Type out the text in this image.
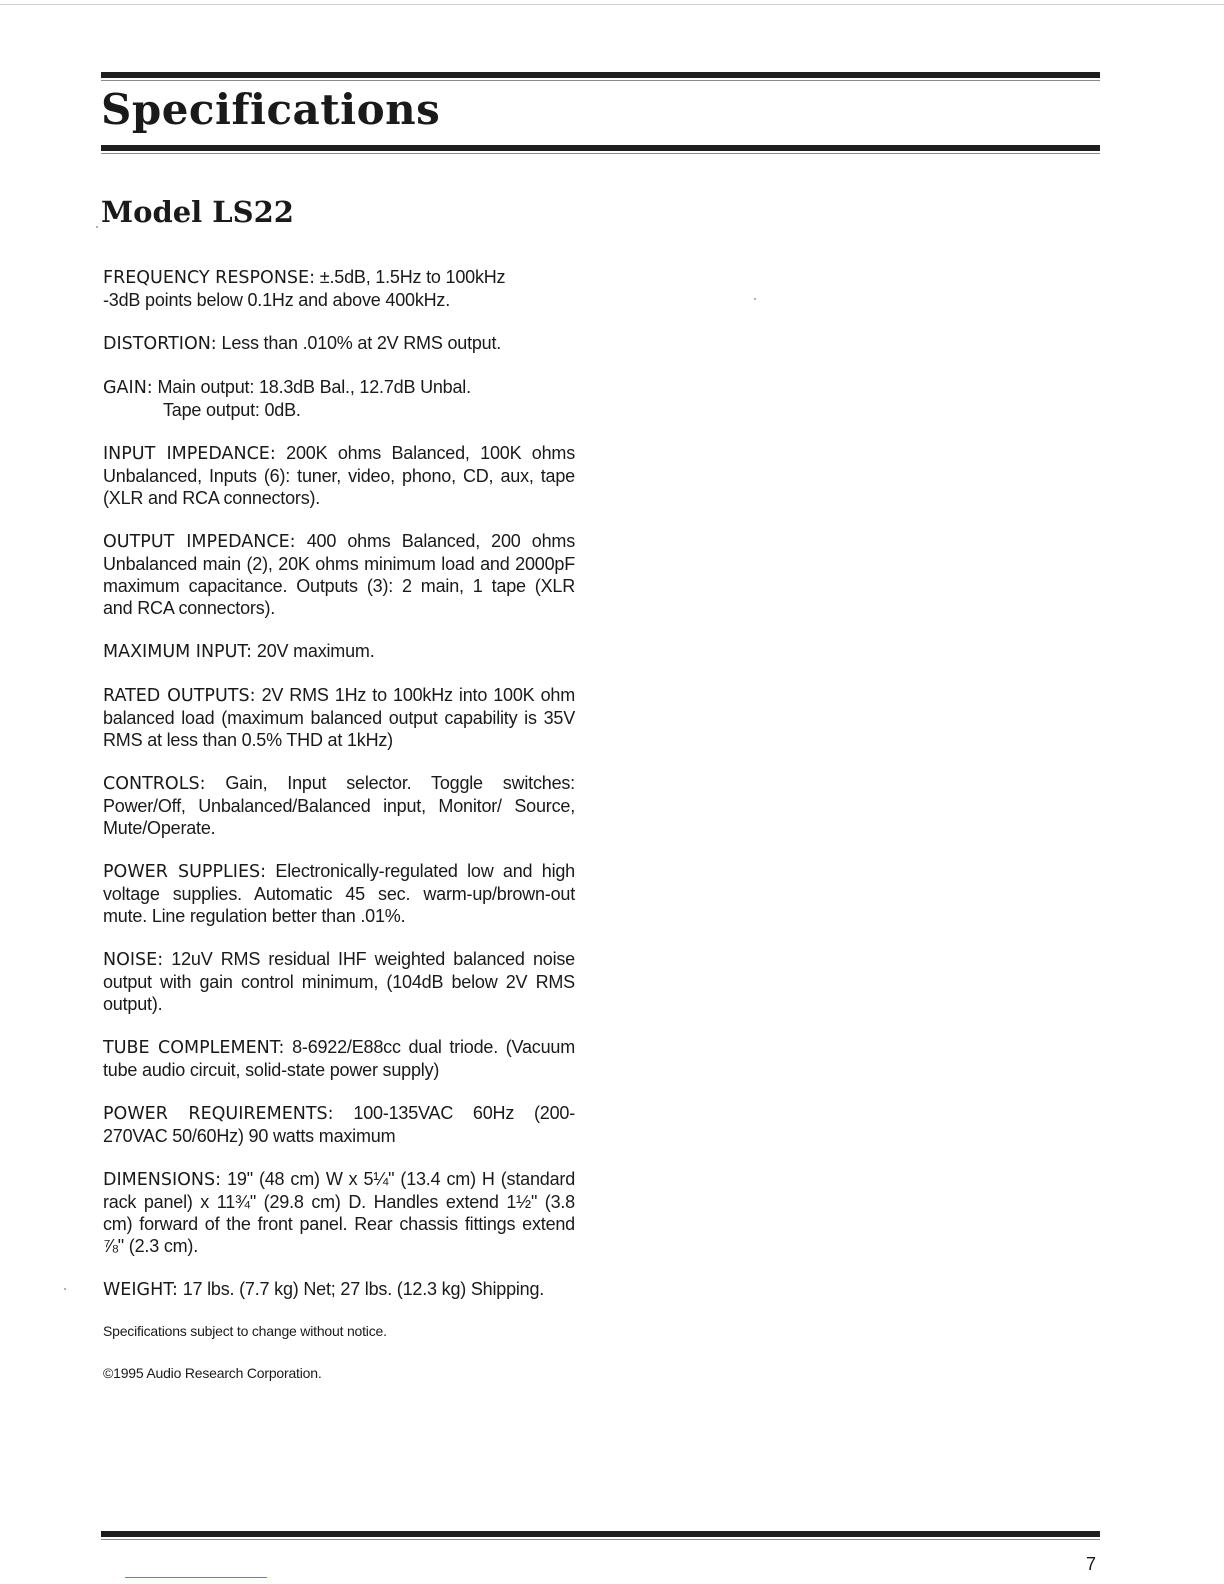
Specifications
Model LS22

FREQUENCY RESPONSE: ±.5dB, 1.5Hz to 100kHz
-3dB points below 0.1Hz and above 400kHz.

DISTORTION: Less than .010% at 2V RMS output.

GAIN: Main output: 18.3dB Bal., 12.7dB Unbal.
Tape output: 0dB.

INPUT IMPEDANCE: 200K ohms Balanced, 100K ohms Unbalanced, Inputs (6): tuner, video, phono, CD, aux, tape (XLR and RCA connectors).

OUTPUT IMPEDANCE: 400 ohms Balanced, 200 ohms Unbalanced main (2), 20K ohms minimum load and 2000pF maximum capacitance. Outputs (3): 2 main, 1 tape (XLR and RCA connectors).

MAXIMUM INPUT: 20V maximum.

RATED OUTPUTS: 2V RMS 1Hz to 100kHz into 100K ohm balanced load (maximum balanced output capability is 35V RMS at less than 0.5% THD at 1kHz)

CONTROLS: Gain, Input selector. Toggle switches: Power/Off, Unbalanced/Balanced input, Monitor/ Source, Mute/Operate.

POWER SUPPLIES: Electronically-regulated low and high voltage supplies. Automatic 45 sec. warm-up/brown-out mute. Line regulation better than .01%.

NOISE: 12uV RMS residual IHF weighted balanced noise output with gain control minimum, (104dB below 2V RMS output).

TUBE COMPLEMENT: 8-6922/E88cc dual triode. (Vacuum tube audio circuit, solid-state power supply)

POWER REQUIREMENTS: 100-135VAC 60Hz (200-270VAC 50/60Hz) 90 watts maximum

DIMENSIONS: 19" (48 cm) W x 5¼" (13.4 cm) H (standard rack panel) x 11¾" (29.8 cm) D. Handles extend 1½" (3.8 cm) forward of the front panel. Rear chassis fittings extend ⅞" (2.3 cm).

WEIGHT: 17 lbs. (7.7 kg) Net; 27 lbs. (12.3 kg) Shipping.

Specifications subject to change without notice.

©1995 Audio Research Corporation.

7
